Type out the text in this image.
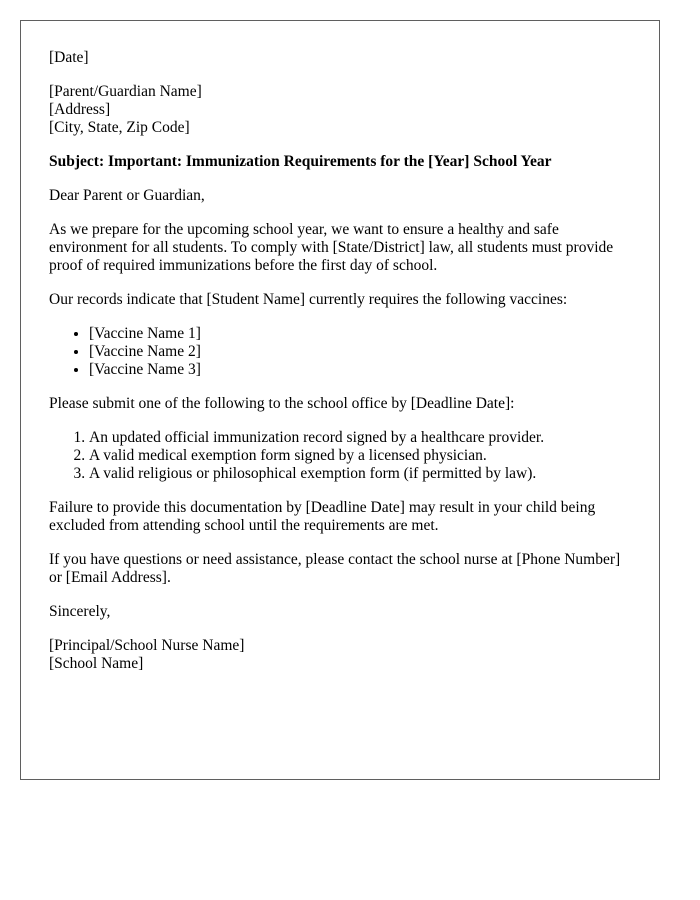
[Date]

[Parent/Guardian Name]
[Address]
[City, State, Zip Code]

Subject: Important: Immunization Requirements for the [Year] School Year

Dear Parent or Guardian,

As we prepare for the upcoming school year, we want to ensure a healthy and safe environment for all students. To comply with [State/District] law, all students must provide proof of required immunizations before the first day of school.

Our records indicate that [Student Name] currently requires the following vaccines:

• [Vaccine Name 1]
• [Vaccine Name 2]
• [Vaccine Name 3]

Please submit one of the following to the school office by [Deadline Date]:

1. An updated official immunization record signed by a healthcare provider.
2. A valid medical exemption form signed by a licensed physician.
3. A valid religious or philosophical exemption form (if permitted by law).

Failure to provide this documentation by [Deadline Date] may result in your child being excluded from attending school until the requirements are met.

If you have questions or need assistance, please contact the school nurse at [Phone Number] or [Email Address].

Sincerely,

[Principal/School Nurse Name]
[School Name]
